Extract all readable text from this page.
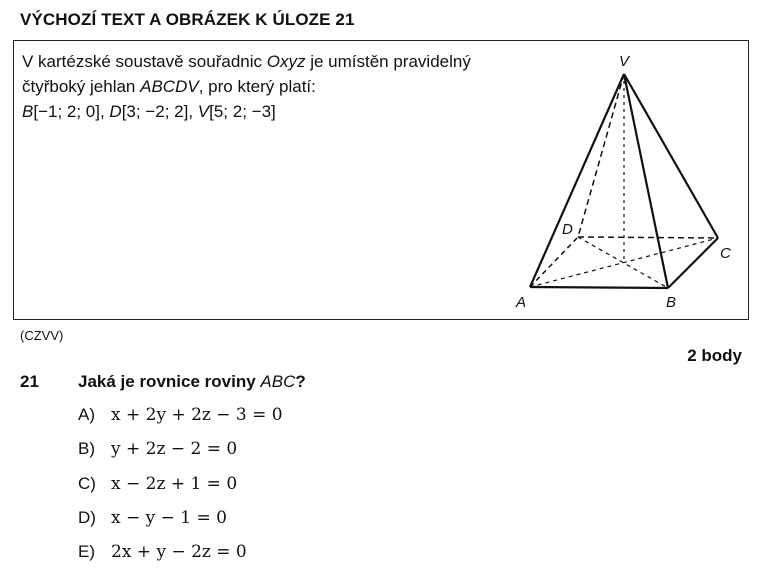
VÝCHOZÍ TEXT A OBRÁZEK K ÚLOZE 21
V kartézské soustavě souřadnic Oxyz je umístěn pravidelný
čtyřboký jehlan ABCDV, pro který platí:
B[−1; 2; 0], D[3; −2; 2], V[5; 2; −3]
V
D
C
A	B
(CZVV)
2 body
21 Jaká je rovnice roviny ABC?
A) x + 2y + 2z − 3 = 0
B) y + 2z − 2 = 0
C) x − 2z + 1 = 0
D) x − y − 1 = 0
E) 2x + y − 2z = 0
